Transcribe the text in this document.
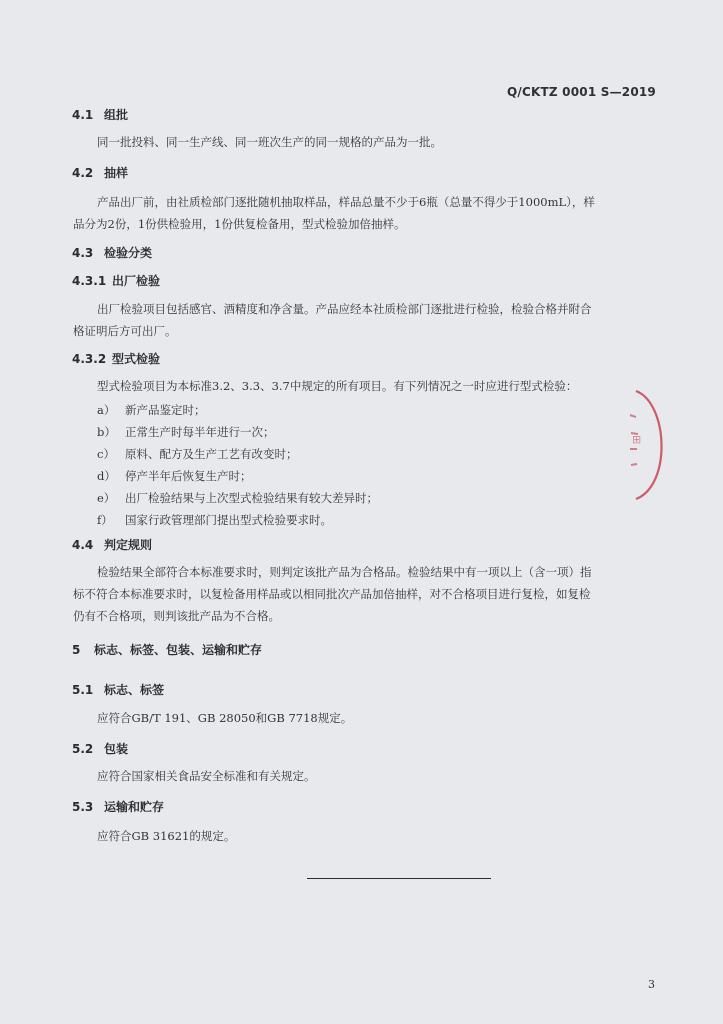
Q/CKTZ 0001 S—2019
4.1 组批
同一批投料、同一生产线、同一班次生产的同一规格的产品为一批。
4.2 抽样
产品出厂前，由社质检部门逐批随机抽取样品，样品总量不少于6瓶（总量不得少于1000mL），样
品分为2份，1份供检验用，1份供复检备用，型式检验加倍抽样。
4.3 检验分类
4.3.1 出厂检验
出厂检验项目包括感官、酒精度和净含量。产品应经本社质检部门逐批进行检验，检验合格并附合
格证明后方可出厂。
4.3.2 型式检验
型式检验项目为本标准3.2、3.3、3.7中规定的所有项目。有下列情况之一时应进行型式检验：
a） 新产品鉴定时；
b） 正常生产时每半年进行一次；
c） 原料、配方及生产工艺有改变时；
d） 停产半年后恢复生产时；
e） 出厂检验结果与上次型式检验结果有较大差异时；
f） 国家行政管理部门提出型式检验要求时。
4.4 判定规则
检验结果全部符合本标准要求时，则判定该批产品为合格品。检验结果中有一项以上（含一项）指
标不符合本标准要求时，以复检备用样品或以相同批次产品加倍抽样，对不合格项目进行复检，如复检
仍有不合格项，则判该批产品为不合格。
5 标志、标签、包装、运输和贮存
5.1 标志、标签
应符合GB/T 191、GB 28050和GB 7718规定。
5.2 包装
应符合国家相关食品安全标准和有关规定。
5.3 运输和贮存
应符合GB 31621的规定。
3
⊞
